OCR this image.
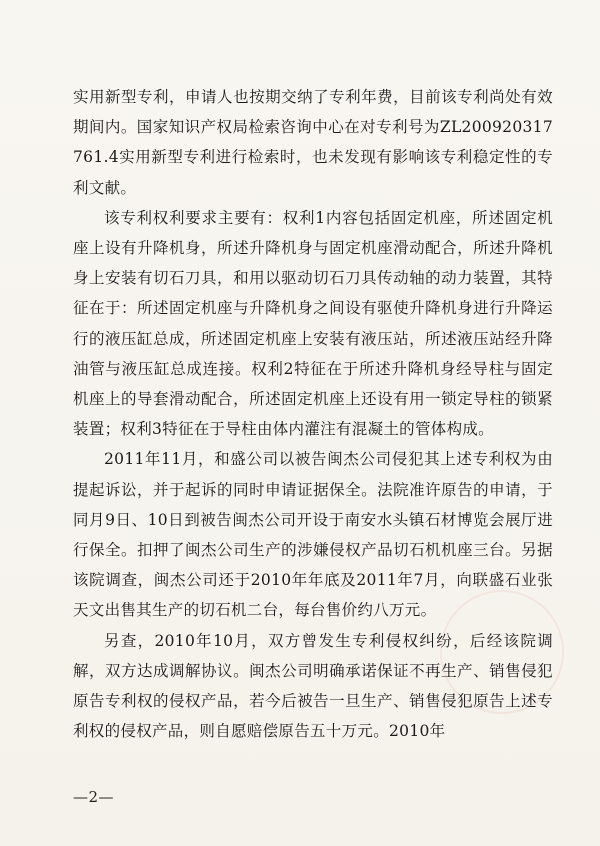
实用新型专利，申请人也按期交纳了专利年费，目前该专利尚处有效期间内。国家知识产权局检索咨询中心在对专利号为ZL200920317761.4实用新型专利进行检索时，也未发现有影响该专利稳定性的专利文献。

该专利权利要求主要有：权利1内容包括固定机座，所述固定机座上设有升降机身，所述升降机身与固定机座滑动配合，所述升降机身上安装有切石刀具，和用以驱动切石刀具传动轴的动力装置，其特征在于：所述固定机座与升降机身之间设有驱使升降机身进行升降运行的液压缸总成，所述固定机座上安装有液压站，所述液压站经升降油管与液压缸总成连接。权利2特征在于所述升降机身经导柱与固定机座上的导套滑动配合，所述固定机座上还设有用一锁定导柱的锁紧装置；权利3特征在于导柱由体内灌注有混凝土的管体构成。

2011年11月，和盛公司以被告闽杰公司侵犯其上述专利权为由提起诉讼，并于起诉的同时申请证据保全。法院准许原告的申请，于同月9日、10日到被告闽杰公司开设于南安水头镇石材博览会展厅进行保全。扣押了闽杰公司生产的涉嫌侵权产品切石机机座三台。另据该院调查，闽杰公司还于2010年年底及2011年7月，向联盛石业张天文出售其生产的切石机二台，每台售价约八万元。

另查，2010年10月，双方曾发生专利侵权纠纷，后经该院调解，双方达成调解协议。闽杰公司明确承诺保证不再生产、销售侵犯原告专利权的侵权产品，若今后被告一旦生产、销售侵犯原告上述专利权的侵权产品，则自愿赔偿原告五十万元。2010年

—2—
